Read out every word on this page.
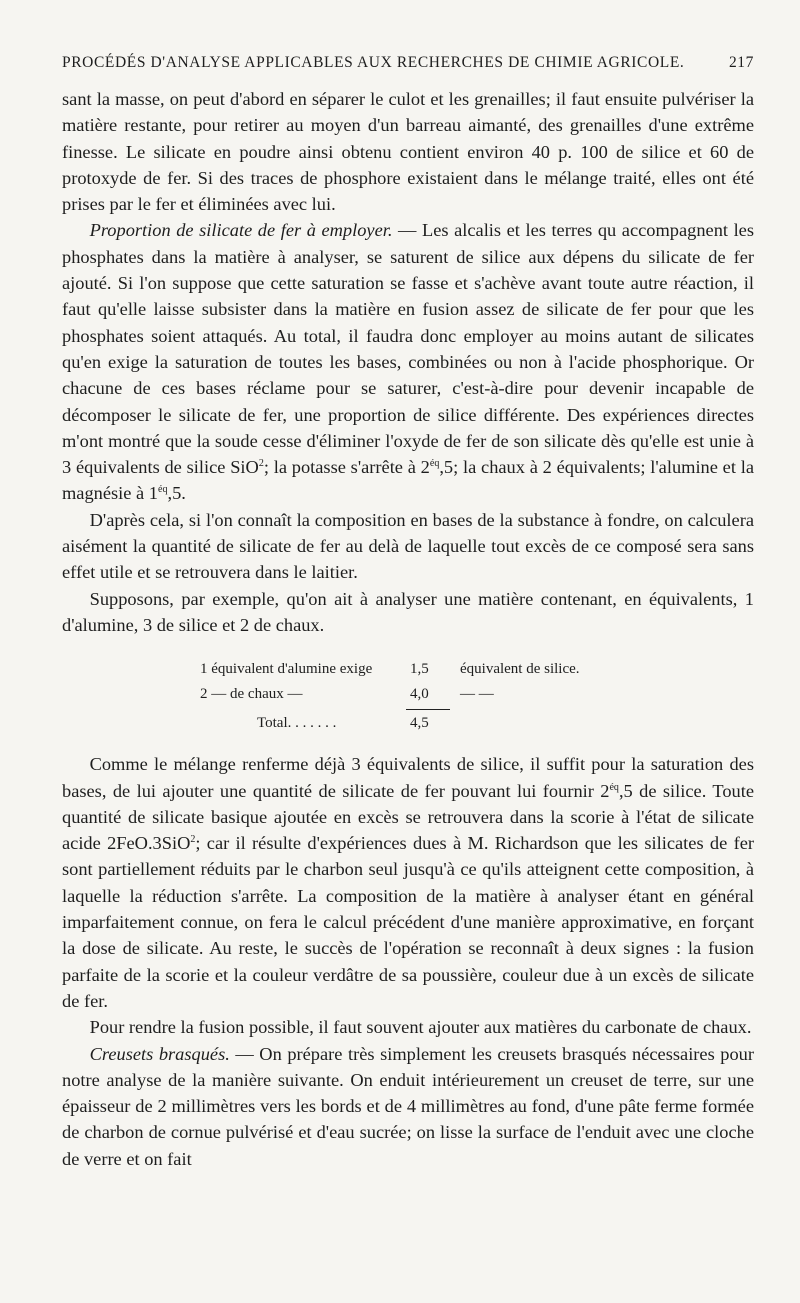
PROCÉDÉS D'ANALYSE APPLICABLES AUX RECHERCHES DE CHIMIE AGRICOLE.	217

sant la masse, on peut d'abord en séparer le culot et les grenailles; il faut ensuite pulvériser la matière restante, pour retirer au moyen d'un barreau aimanté, des grenailles d'une extrême finesse. Le silicate en poudre ainsi obtenu contient environ 40 p. 100 de silice et 60 de protoxyde de fer. Si des traces de phosphore existaient dans le mélange traité, elles ont été prises par le fer et éliminées avec lui.

Proportion de silicate de fer à employer. — Les alcalis et les terres qu accompagnent les phosphates dans la matière à analyser, se saturent de silice aux dépens du silicate de fer ajouté. Si l'on suppose que cette saturation se fasse et s'achève avant toute autre réaction, il faut qu'elle laisse subsister dans la matière en fusion assez de silicate de fer pour que les phosphates soient attaqués. Au total, il faudra donc employer au moins autant de silicates qu'en exige la saturation de toutes les bases, combinées ou non à l'acide phosphorique. Or chacune de ces bases réclame pour se saturer, c'est-à-dire pour devenir incapable de décomposer le silicate de fer, une proportion de silice différente. Des expériences directes m'ont montré que la soude cesse d'éliminer l'oxyde de fer de son silicate dès qu'elle est unie à 3 équivalents de silice SiO$^2$; la potasse s'arrête à $2^{éq},5$; la chaux à 2 équivalents; l'alumine et la magnésie à $1^{éq},5$.

D'après cela, si l'on connaît la composition en bases de la substance à fondre, on calculera aisément la quantité de silicate de fer au delà de laquelle tout excès de ce composé sera sans effet utile et se retrouvera dans le laitier.

Supposons, par exemple, qu'on ait à analyser une matière contenant, en équivalents, 1 d'alumine, 3 de silice et 2 de chaux.

1 équivalent d'alumine exige	1,5	équivalent de silice.
2 — de chaux —	4,0	— —
Total. . . . . . .	4,5

Comme le mélange renferme déjà 3 équivalents de silice, il suffit pour la saturation des bases, de lui ajouter une quantité de silicate de fer pouvant lui fournir $2^{éq},5$ de silice. Toute quantité de silicate basique ajoutée en excès se retrouvera dans la scorie à l'état de silicate acide 2FeO.3SiO$^2$; car il résulte d'expériences dues à M. Richardson que les silicates de fer sont partiellement réduits par le charbon seul jusqu'à ce qu'ils atteignent cette composition, à laquelle la réduction s'arrête. La composition de la matière à analyser étant en général imparfaitement connue, on fera le calcul précédent d'une manière approximative, en forçant la dose de silicate. Au reste, le succès de l'opération se reconnaît à deux signes : la fusion parfaite de la scorie et la couleur verdâtre de sa poussière, couleur due à un excès de silicate de fer.

Pour rendre la fusion possible, il faut souvent ajouter aux matières du carbonate de chaux.

Creusets brasqués. — On prépare très simplement les creusets brasqués nécessaires pour notre analyse de la manière suivante. On enduit intérieurement un creuset de terre, sur une épaisseur de 2 millimètres vers les bords et de 4 millimètres au fond, d'une pâte ferme formée de charbon de cornue pulvérisé et d'eau sucrée; on lisse la surface de l'enduit avec une cloche de verre et on fait
